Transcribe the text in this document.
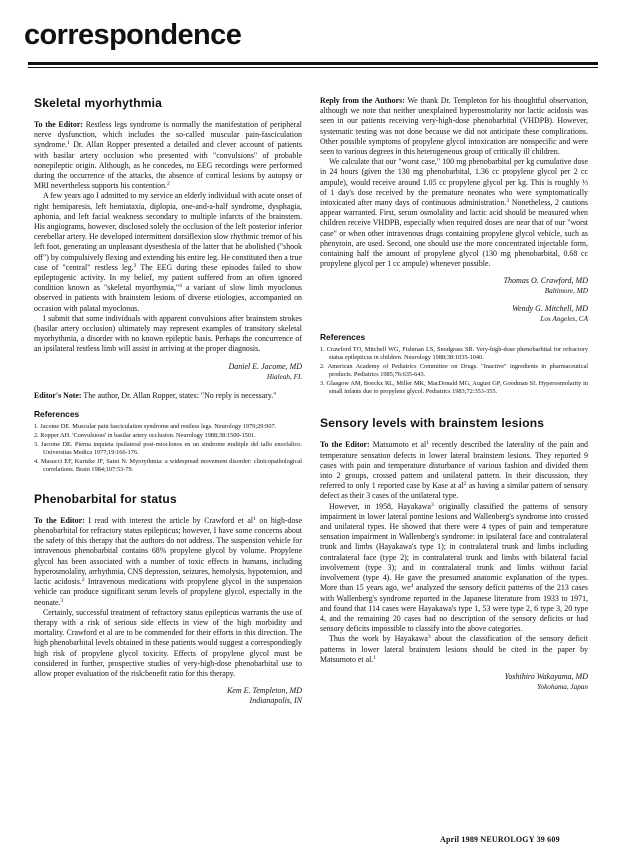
correspondence
Skeletal myorhythmia

To the Editor: Restless legs syndrome is normally the manifestation of peripheral nerve dysfunction, which includes the so-called muscular pain-fasciculation syndrome.$^1$ Dr. Allan Ropper presented a detailed and clever account of patients with basilar artery occlusion who presented with "convulsions" of probable nonepileptic origin. Although, as he concedes, no EEG recordings were performed during the occurrence of the attacks, the absence of cortical lesions by autopsy or MRI nevertheless supports his contention.$^2$

A few years ago I admitted to my service an elderly individual with acute onset of right hemiparesis, left hemiataxia, diplopia, one-and-a-half syndrome, dysphagia, aphonia, and left facial weakness secondary to multiple infarcts of the brainstem. His angiograms, however, disclosed solely the occlusion of the left posterior inferior cerebellar artery. He developed intermittent dorsiflexion slow rhythmic tremor of his left foot, generating an unpleasant dysesthesia of the latter that he abolished ("shook off") by compulsively flexing and extending his entire leg. He constituted then a true case of "central" restless leg.$^3$ The EEG during these episodes failed to show epileptogenic activity. In my belief, my patient suffered from an often ignored condition known as "skeletal myorthymia,"$^4$ a variant of slow limb myoclonus observed in patients with brainstem lesions of diverse etiologies, accompanied on occasion with palatal myoclonus.

I submit that some individuals with apparent convulsions after brainstem strokes (basilar artery occlusion) ultimately may represent examples of transitory skeletal myorhythmia, a disorder with no known epileptic basis. Perhaps the concurrence of an ipsilateral restless limb will assist in arriving at the proper diagnosis.

Daniel E. Jacome, MD
Hialeah, FL

Editor's Note: The author, Dr. Allan Ropper, states: "No reply is necessary."

References
1. Jacome DE. Muscular pain fasciculation syndrome and restless legs. Neurology 1979;29:907.
2. Ropper AH. 'Convulsions' in basilar artery occlusion. Neurology 1988;38:1500-1501.
3. Jacome DE. Pierna inquieta ipsilateral post-mioclonos en un sindrome multiple del tallo encefalico. Universitas Medica 1977;19:166-176.
4. Masucci EF, Kurtzke JF, Saini N. Myorythmia: a widespread movement disorder: clinicopathological correlations. Brain 1984;107:53-79.
Phenobarbital for status

To the Editor: I read with interest the article by Crawford et $al^1$ on high-dose phenobarbital for refractory status epilepticus; however, I have some concerns about the safety of this therapy that the authors do not address. The suspension vehicle for intravenous phenobarbital contains 68% propylene glycol by volume. Propylene glycol has been associated with a number of toxic effects in humans, including hyperosmolality, arrhythmia, CNS depression, seizures, hemolysis, hypotension, and lactic acidosis.$^2$ Intravenous medications with propylene glycol in the suspension vehicle can produce significant serum levels of propylene glycol, especially in the neonate.$^3$

Certainly, successful treatment of refractory status epilepticus warrants the use of therapy with a risk of serious side effects in view of the high morbidity and mortality. Crawford et al are to be commended for their efforts in this direction. The high phenobarbital levels obtained in these patients would suggest a correspondingly high risk of propylene glycol toxicity. Effects of propylene glycol must be considered in further, prospective studies of very-high-dose phenobarbital use to allow proper evaluation of the risk:benefit ratio for this therapy.

Kem E. Templeton, MD
Indianapolis, IN

Reply from the Authors: We thank Dr. Templeton for his thoughtful observation, although we note that neither unexplained hyperosmolarity nor lactic acidosis was seen in our patients receiving very-high-dose phenobarbital (VHDPB). However, systematic testing was not done because we did not anticipate these complications. Other possible symptoms of propylene glycol intoxication are nonspecific and were seen to various degrees in this heterogeneous group of critically ill children.

We calculate that our "worst case," 100 mg phenobarbital per kg cumulative dose in 24 hours (given the 130 mg phenobarbital, 1.36 cc propylene glycol per 2 cc ampule), would receive around 1.05 cc propylene glycol per kg. This is roughly ⅓ of 1 day's dose received by the premature neonates who were symptomatically intoxicated after many days of continuous administration.$^3$ Nonetheless, 2 cautions appear warranted. First, serum osmolality and lactic acid should be measured when children receive VHDPB, especially when required doses are near that of our "worst case" or when other intravenous drugs containing propylene glycol vehicle, such as phenytoin, are used. Second, one should use the more concentrated injectable form, containing half the amount of propylene glycol (130 mg phenobarbital, 0.68 cc propylene glycol per 1 cc ampule) whenever possible.

Thomas O. Crawford, MD
Baltimore, MD
Wendy G. Mitchell, MD
Los Angeles, CA
References
1. Crawford TO, Mitchell WG, Fishman LS, Snodgrass SR. Very-high-dose phenobarbital for refractory status epilepticus in children. Neurology 1988;38:1035-1040.
2. American Academy of Pediatrics Committee on Drugs. "Inactive" ingredients in pharmaceutical products. Pediatrics 1985;76:635-643.
3. Glasgow AM, Boeckx RL, Miller MK, MacDonald MG, August GP, Goodman SI. Hyperosmolarity in small infants due to propylene glycol. Pediatrics 1983;72:353-355.
Sensory levels with brainstem lesions

To the Editor: Matsumoto et $al^1$ recently described the laterality of the pain and temperature sensation defects in lower lateral brainstem lesions. They reported 9 cases with pain and temperature disturbance of various fashion and divided them into 2 groups, crossed pattern and unilateral pattern. In their discussion, they referred to only 1 reported case by Kase at $al^2$ as having a similar pattern of sensory defect as their 3 cases of the unilateral type.

However, in 1958, Hayakawa$^3$ originally classified the patterns of sensory impairment in lower lateral pontine lesions and Wallenberg's syndrome into crossed and unilateral types. He showed that there were 4 types of pain and temperature sensation impairment in Wallenberg's syndrome: in ipsilateral face and contralateral trunk and limbs (Hayakawa's type 1); in contralateral trunk and limbs including contralateral face (type 2); in contralateral trunk and limbs with bilateral facial involvement (type 3); and in contralateral trunk and limbs without facial involvement (type 4). He gave the presumed anatomic explanation of the types. More than 15 years ago, $we^4$ analyzed the sensory deficit patterns of the 213 cases with Wallenberg's syndrome reported in the Japanese literature from 1933 to 1971, and found that 114 cases were Hayakawa's type 1, 53 were type 2, 6 type 3, 20 type 4, and the remaining 20 cases had no description of the sensory deficits or had sensory deficits impossible to classify into the above categories.

Thus the work by Hayakawa$^3$ about the classification of the sensory deficit patterns in lower lateral brainstem lesions should be cited in the paper by Matsumoto et al.$^1$

Yoshihiro Wakayama, MD
Yokohama, Japan
April 1989 NEUROLOGY 39 609
